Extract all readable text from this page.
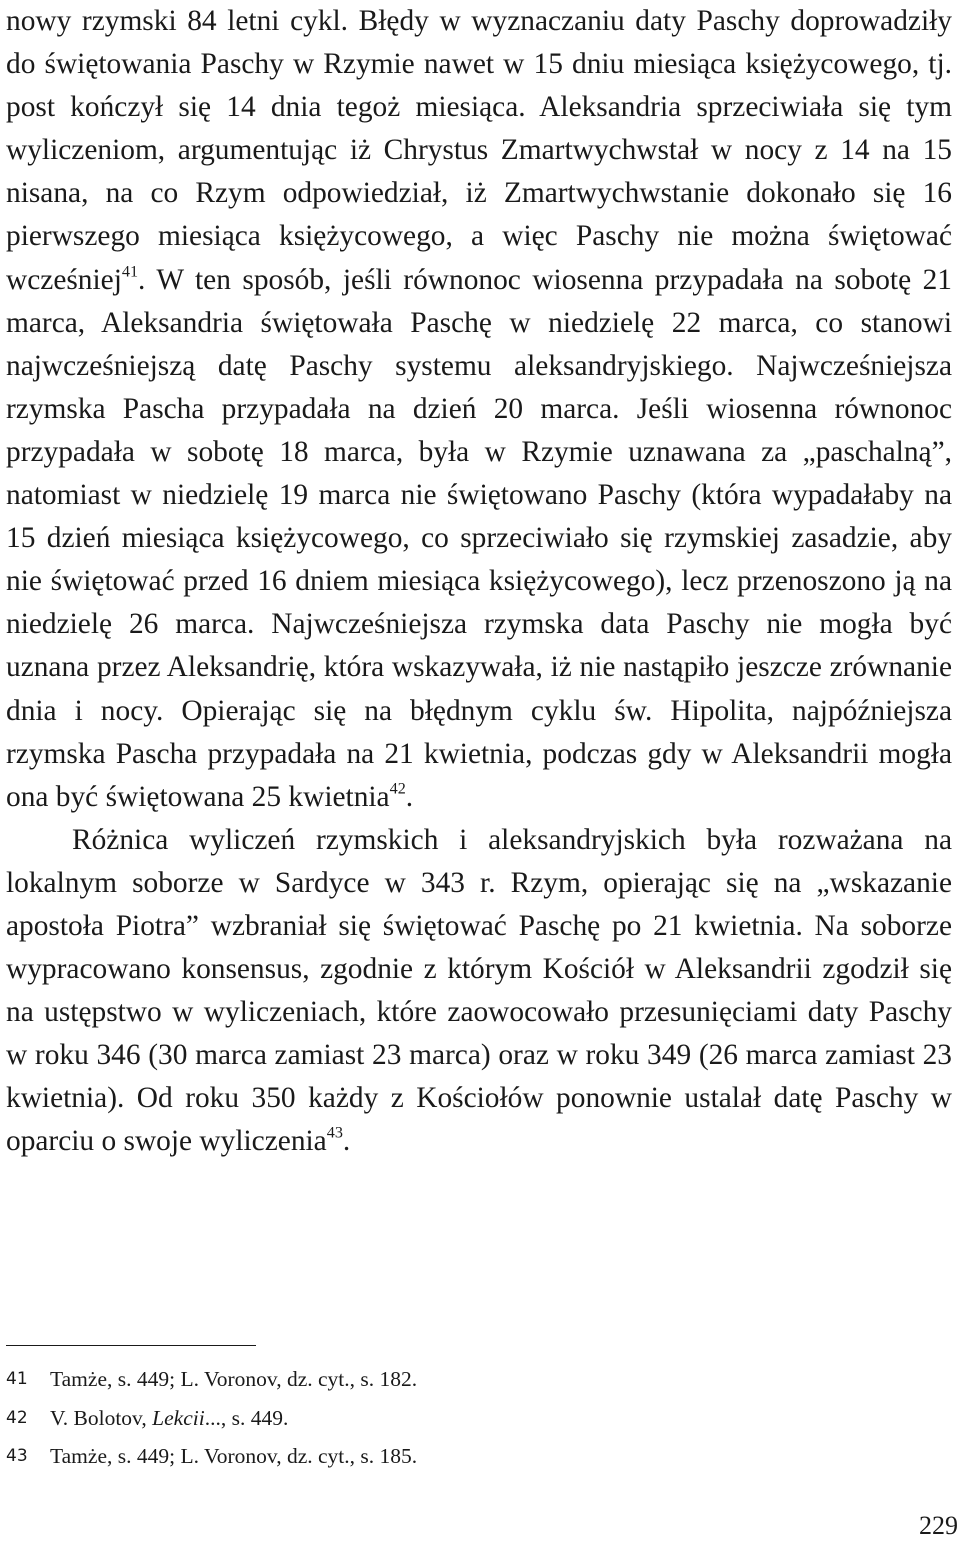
nowy rzymski 84 letni cykl. Błędy w wyznaczaniu daty Paschy doprowadziły do świętowania Paschy w Rzymie nawet w 15 dniu miesiąca księżycowego, tj. post kończył się 14 dnia tegoż miesiąca. Aleksandria sprzeciwiała się tym wyliczeniom, argumentując iż Chrystus Zmartwychwstał w nocy z 14 na 15 nisana, na co Rzym odpowiedział, iż Zmartwychwstanie dokonało się 16 pierwszego miesiąca księżycowego, a więc Paschy nie można świętować wcześniej$^{41}$. W ten sposób, jeśli równonoc wiosenna przypadała na sobotę 21 marca, Aleksandria świętowała Paschę w niedzielę 22 marca, co stanowi najwcześniejszą datę Paschy systemu aleksandryjskiego. Najwcześniejsza rzymska Pascha przypadała na dzień 20 marca. Jeśli wiosenna równonoc przypadała w sobotę 18 marca, była w Rzymie uznawana za „paschalną”, natomiast w niedzielę 19 marca nie świętowano Paschy (która wypadałaby na 15 dzień miesiąca księżycowego, co sprzeciwiało się rzymskiej zasadzie, aby nie świętować przed 16 dniem miesiąca księżycowego), lecz przenoszono ją na niedzielę 26 marca. Najwcześniejsza rzymska data Paschy nie mogła być uznana przez Aleksandrię, która wskazywała, iż nie nastąpiło jeszcze zrównanie dnia i nocy. Opierając się na błędnym cyklu św. Hipolita, najpóźniejsza rzymska Pascha przypadała na 21 kwietnia, podczas gdy w Aleksandrii mogła ona być świętowana 25 kwietnia$^{42}$.

Różnica wyliczeń rzymskich i aleksandryjskich była rozważana na lokalnym soborze w Sardyce w 343 r. Rzym, opierając się na „wskazanie apostoła Piotra” wzbraniał się świętować Paschę po 21 kwietnia. Na soborze wypracowano konsensus, zgodnie z którym Kościół w Aleksandrii zgodził się na ustępstwo w wyliczeniach, które zaowocowało przesunięciami daty Paschy w roku 346 (30 marca zamiast 23 marca) oraz w roku 349 (26 marca zamiast 23 kwietnia). Od roku 350 każdy z Kościołów ponownie ustalał datę Paschy w oparciu o swoje wyliczenia$^{43}$.

41	Tamże, s. 449; L. Voronov, dz. cyt., s. 182.
42	V. Bolotov, Lekcii..., s. 449.
43	Tamże, s. 449; L. Voronov, dz. cyt., s. 185.
229
